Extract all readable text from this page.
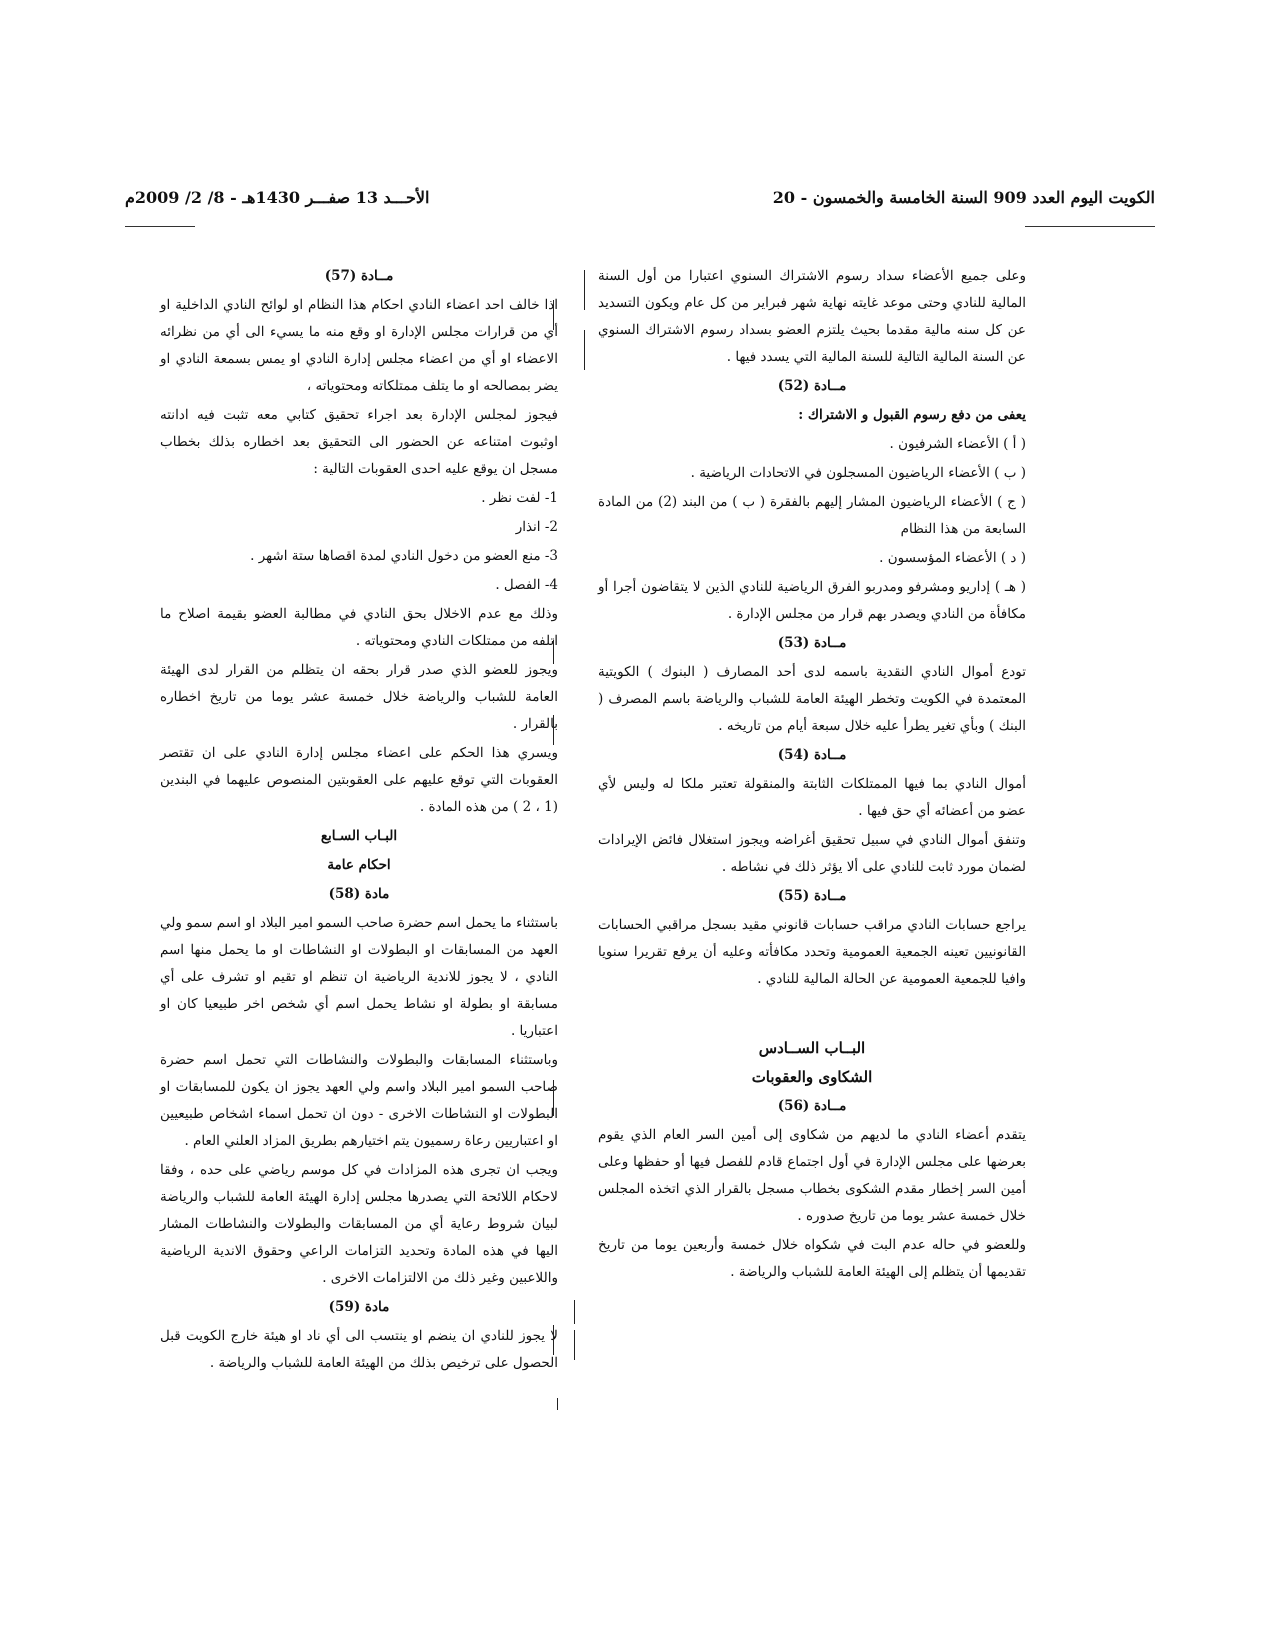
الكويت اليوم العدد 909 السنة الخامسة والخمسون - 20
الأحـــد 13 صفـــر 1430هـ - 8/ 2/ 2009م

وعلى جميع الأعضاء سداد رسوم الاشتراك السنوي اعتبارا من أول السنة المالية للنادي وحتى موعد غايته نهاية شهر فبراير من كل عام ويكون التسديد عن كل سنه مالية مقدما بحيث يلتزم العضو بسداد رسوم الاشتراك السنوي عن السنة المالية التالية للسنة المالية التي يسدد فيها .

مــادة (52)

يعفى من دفع رسوم القبول و الاشتراك :

( أ ) الأعضاء الشرفيون .

( ب ) الأعضاء الرياضيون المسجلون في الاتحادات الرياضية .

( ج ) الأعضاء الرياضيون المشار إليهم بالفقرة ( ب ) من البند (2) من المادة السابعة من هذا النظام

( د ) الأعضاء المؤسسون .

( هـ ) إداريو ومشرفو ومدربو الفرق الرياضية للنادي الذين لا يتقاضون أجرا أو مكافأة من النادي ويصدر بهم قرار من مجلس الإدارة .

مــادة (53)

تودع أموال النادي النقدية باسمه لدى أحد المصارف ( البنوك ) الكويتية المعتمدة في الكويت وتخطر الهيئة العامة للشباب والرياضة باسم المصرف ( البنك ) وبأي تغير يطرأ عليه خلال سبعة أيام من تاريخه .

مــادة (54)

أموال النادي بما فيها الممتلكات الثابتة والمنقولة تعتبر ملكا له وليس لأي عضو من أعضائه أي حق فيها .

وتنفق أموال النادي في سبيل تحقيق أغراضه ويجوز استغلال فائض الإيرادات لضمان مورد ثابت للنادي على ألا يؤثر ذلك في نشاطه .

مــادة (55)

يراجع حسابات النادي مراقب حسابات قانوني مقيد بسجل مراقبي الحسابات القانونيين تعينه الجمعية العمومية وتحدد مكافأته وعليه أن يرفع تقريرا سنويا وافيا للجمعية العمومية عن الحالة المالية للنادي .

البــاب الســادس

الشكاوى والعقوبات

مــادة (56)

يتقدم أعضاء النادي ما لديهم من شكاوى إلى أمين السر العام الذي يقوم بعرضها على مجلس الإدارة في أول اجتماع قادم للفصل فيها أو حفظها وعلى أمين السر إخطار مقدم الشكوى بخطاب مسجل بالقرار الذي اتخذه المجلس خلال خمسة عشر يوما من تاريخ صدوره .

وللعضو في حاله عدم البت في شكواه خلال خمسة وأربعين يوما من تاريخ تقديمها أن يتظلم إلى الهيئة العامة للشباب والرياضة .

مــادة (57)

اذا خالف احد اعضاء النادي احكام هذا النظام او لوائح النادي الداخلية او أي من قرارات مجلس الإدارة او وقع منه ما يسيء الى أي من نظرائه الاعضاء او أي من اعضاء مجلس إدارة النادي او يمس بسمعة النادي او يضر بمصالحه او ما يتلف ممتلكاته ومحتوياته ،

فيجوز لمجلس الإدارة بعد اجراء تحقيق كتابي معه تثبت فيه ادانته اوثبوت امتناعه عن الحضور الى التحقيق بعد اخطاره بذلك بخطاب مسجل ان يوقع عليه احدى العقوبات التالية :

1- لفت نظر .

2- انذار

3- منع العضو من دخول النادي لمدة اقصاها ستة اشهر .

4- الفصل .

وذلك مع عدم الاخلال بحق النادي في مطالبة العضو بقيمة اصلاح ما اتلفه من ممتلكات النادي ومحتوياته .

ويجوز للعضو الذي صدر قرار بحقه ان يتظلم من القرار لدى الهيئة العامة للشباب والرياضة خلال خمسة عشر يوما من تاريخ اخطاره بالقرار .

ويسري هذا الحكم على اعضاء مجلس إدارة النادي على ان تقتصر العقوبات التي توقع عليهم على العقوبتين المنصوص عليهما في البندين (1 ، 2 ) من هذه المادة .

البـاب السـابع

احكام عامة

مادة (58)

باستثناء ما يحمل اسم حضرة صاحب السمو امير البلاد او اسم سمو ولي العهد من المسابقات او البطولات او النشاطات او ما يحمل منها اسم النادي ، لا يجوز للاندية الرياضية ان تنظم او تقيم او تشرف على أي مسابقة او بطولة او نشاط يحمل اسم أي شخص اخر طبيعيا كان او اعتباريا .

وباستثناء المسابقات والبطولات والنشاطات التي تحمل اسم حضرة صاحب السمو امير البلاد واسم ولي العهد يجوز ان يكون للمسابقات او البطولات او النشاطات الاخرى - دون ان تحمل اسماء اشخاص طبيعيين او اعتباريين رعاة رسميون يتم اختيارهم بطريق المزاد العلني العام .

ويجب ان تجرى هذه المزادات في كل موسم رياضي على حده ، وفقا لاحكام اللائحة التي يصدرها مجلس إدارة الهيئة العامة للشباب والرياضة لبيان شروط رعاية أي من المسابقات والبطولات والنشاطات المشار اليها في هذه المادة وتحديد التزامات الراعي وحقوق الاندية الرياضية واللاعبين وغير ذلك من الالتزامات الاخرى .

مادة (59)

لا يجوز للنادي ان ينضم او ينتسب الى أي ناد او هيئة خارج الكويت قبل الحصول على ترخيص بذلك من الهيئة العامة للشباب والرياضة .
